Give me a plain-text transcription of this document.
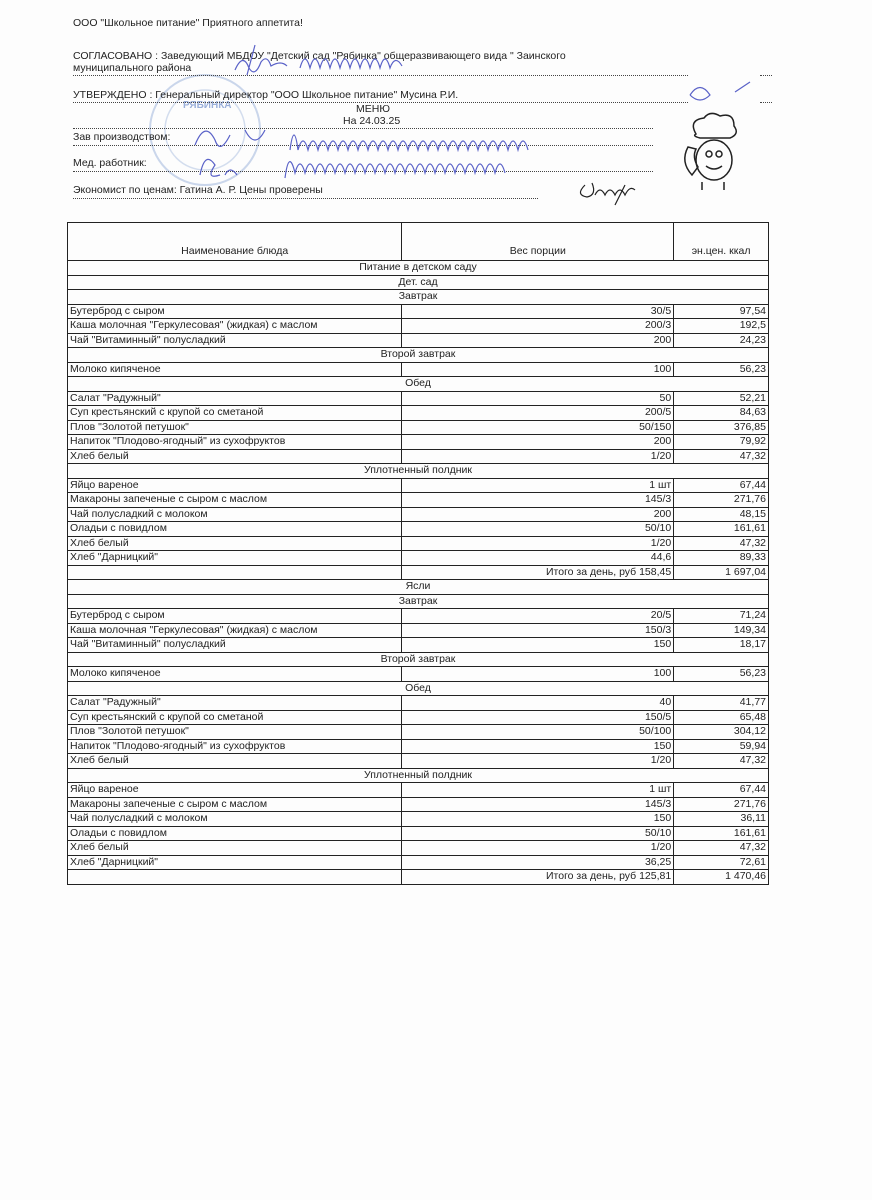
РЯБИНКА
ООО "Школьное питание" Приятного аппетита!
СОГЛАСОВАНО : Заведующий МБДОУ "Детский сад "Рябинка" общеразвивающего вида " Заинского
муниципального района
УТВЕРЖДЕНО : Генеральный директор "ООО Школьное питание" Мусина Р.И.
МЕНЮ
На 24.03.25
Зав производством:
Мед. работник:
Экономист по ценам: Гатина А. Р. Цены проверены
Наименование блюда	Вес порции	эн.цен. ккал
Питание в детском саду		
Дет. сад		
Завтрак		
Бутерброд с сыром	30/5	97,54
Каша молочная "Геркулесовая" (жидкая) с маслом	200/3	192,5
Чай "Витаминный" полусладкий	200	24,23
Второй завтрак		
Молоко кипяченое	100	56,23
Обед		
Салат "Радужный"	50	52,21
Суп крестьянский с крупой со сметаной	200/5	84,63
Плов "Золотой петушок"	50/150	376,85
Напиток "Плодово-ягодный" из сухофруктов	200	79,92
Хлеб белый	1/20	47,32
Уплотненный полдник		
Яйцо вареное	1 шт	67,44
Макароны запеченые с сыром с маслом	145/3	271,76
Чай полусладкий с молоком	200	48,15
Оладьи с повидлом	50/10	161,61
Хлеб белый	1/20	47,32
Хлеб "Дарницкий"	44,6	89,33
	Итого за день, руб 158,45	1 697,04
Ясли		
Завтрак		
Бутерброд с сыром	20/5	71,24
Каша молочная "Геркулесовая" (жидкая) с маслом	150/3	149,34
Чай "Витаминный" полусладкий	150	18,17
Второй завтрак		
Молоко кипяченое	100	56,23
Обед		
Салат "Радужный"	40	41,77
Суп крестьянский с крупой со сметаной	150/5	65,48
Плов "Золотой петушок"	50/100	304,12
Напиток "Плодово-ягодный" из сухофруктов	150	59,94
Хлеб белый	1/20	47,32
Уплотненный полдник		
Яйцо вареное	1 шт	67,44
Макароны запеченые с сыром с маслом	145/3	271,76
Чай полусладкий с молоком	150	36,11
Оладьи с повидлом	50/10	161,61
Хлеб белый	1/20	47,32
Хлеб "Дарницкий"	36,25	72,61
	Итого за день, руб 125,81	1 470,46
